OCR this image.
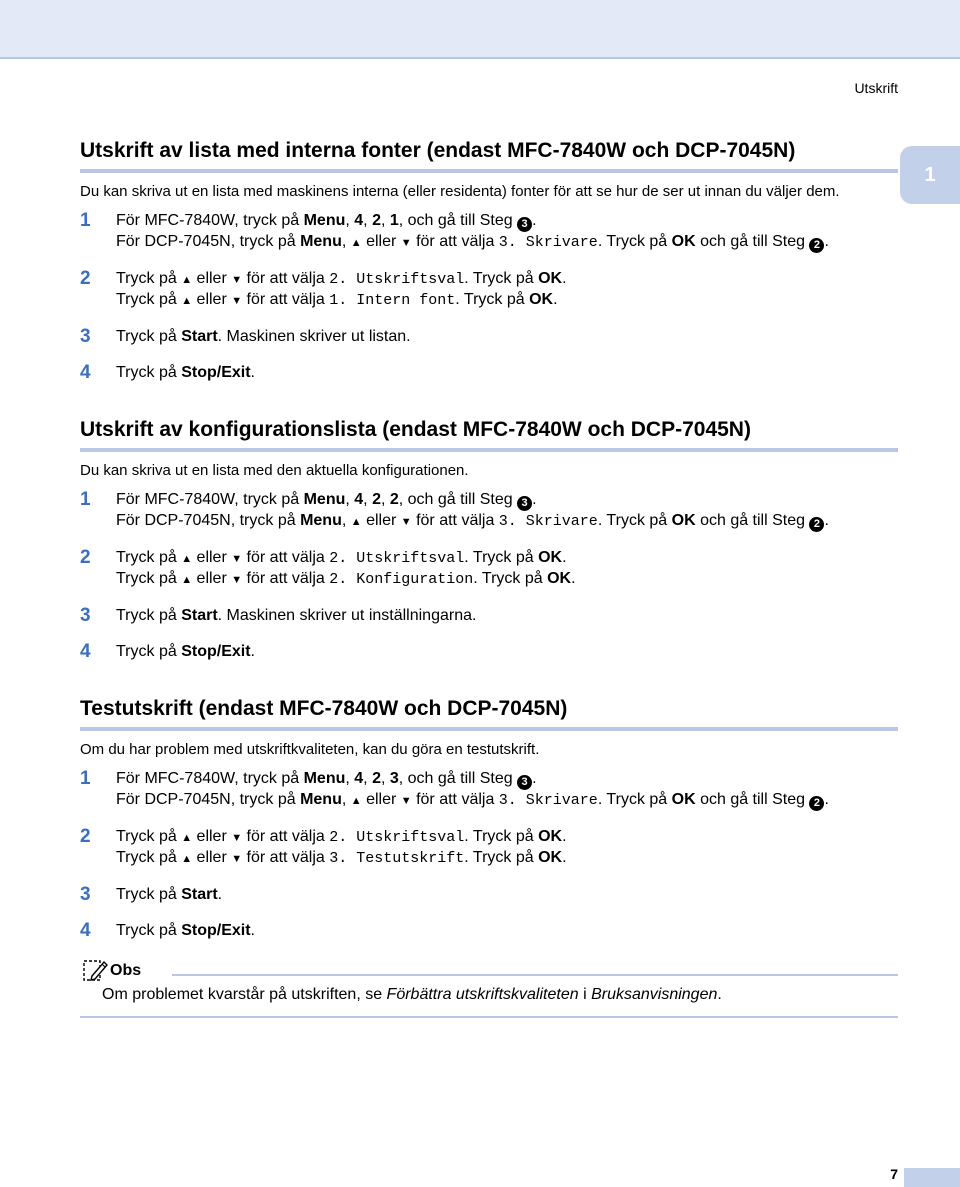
Utskrift
1
Utskrift av lista med interna fonter (endast MFC-7840W och DCP-7045N)
Du kan skriva ut en lista med maskinens interna (eller residenta) fonter för att se hur de ser ut innan du väljer dem.
1	För MFC-7840W, tryck på Menu, 4, 2, 1, och gå till Steg 3 .
För DCP-7045N, tryck på Menu, ▲ eller ▼ för att välja 3. Skrivare. Tryck på OK och gå till Steg 2 .
2	Tryck på ▲ eller ▼ för att välja 2. Utskriftsval. Tryck på OK.
Tryck på ▲ eller ▼ för att välja 1. Intern font. Tryck på OK.
3	Tryck på Start. Maskinen skriver ut listan.
4	Tryck på Stop/Exit.
Utskrift av konfigurationslista (endast MFC-7840W och DCP-7045N)
Du kan skriva ut en lista med den aktuella konfigurationen.
1	För MFC-7840W, tryck på Menu, 4, 2, 2, och gå till Steg 3 .
För DCP-7045N, tryck på Menu, ▲ eller ▼ för att välja 3. Skrivare. Tryck på OK och gå till Steg 2 .
2	Tryck på ▲ eller ▼ för att välja 2. Utskriftsval. Tryck på OK.
Tryck på ▲ eller ▼ för att välja 2. Konfiguration. Tryck på OK.
3	Tryck på Start. Maskinen skriver ut inställningarna.
4	Tryck på Stop/Exit.
Testutskrift (endast MFC-7840W och DCP-7045N)
Om du har problem med utskriftkvaliteten, kan du göra en testutskrift.
1	För MFC-7840W, tryck på Menu, 4, 2, 3, och gå till Steg 3 .
För DCP-7045N, tryck på Menu, ▲ eller ▼ för att välja 3. Skrivare. Tryck på OK och gå till Steg 2 .
2	Tryck på ▲ eller ▼ för att välja 2. Utskriftsval. Tryck på OK.
Tryck på ▲ eller ▼ för att välja 3. Testutskrift. Tryck på OK.
3	Tryck på Start.
4	Tryck på Stop/Exit.
Obs
Om problemet kvarstår på utskriften, se Förbättra utskriftskvaliteten i Bruksanvisningen.
7
